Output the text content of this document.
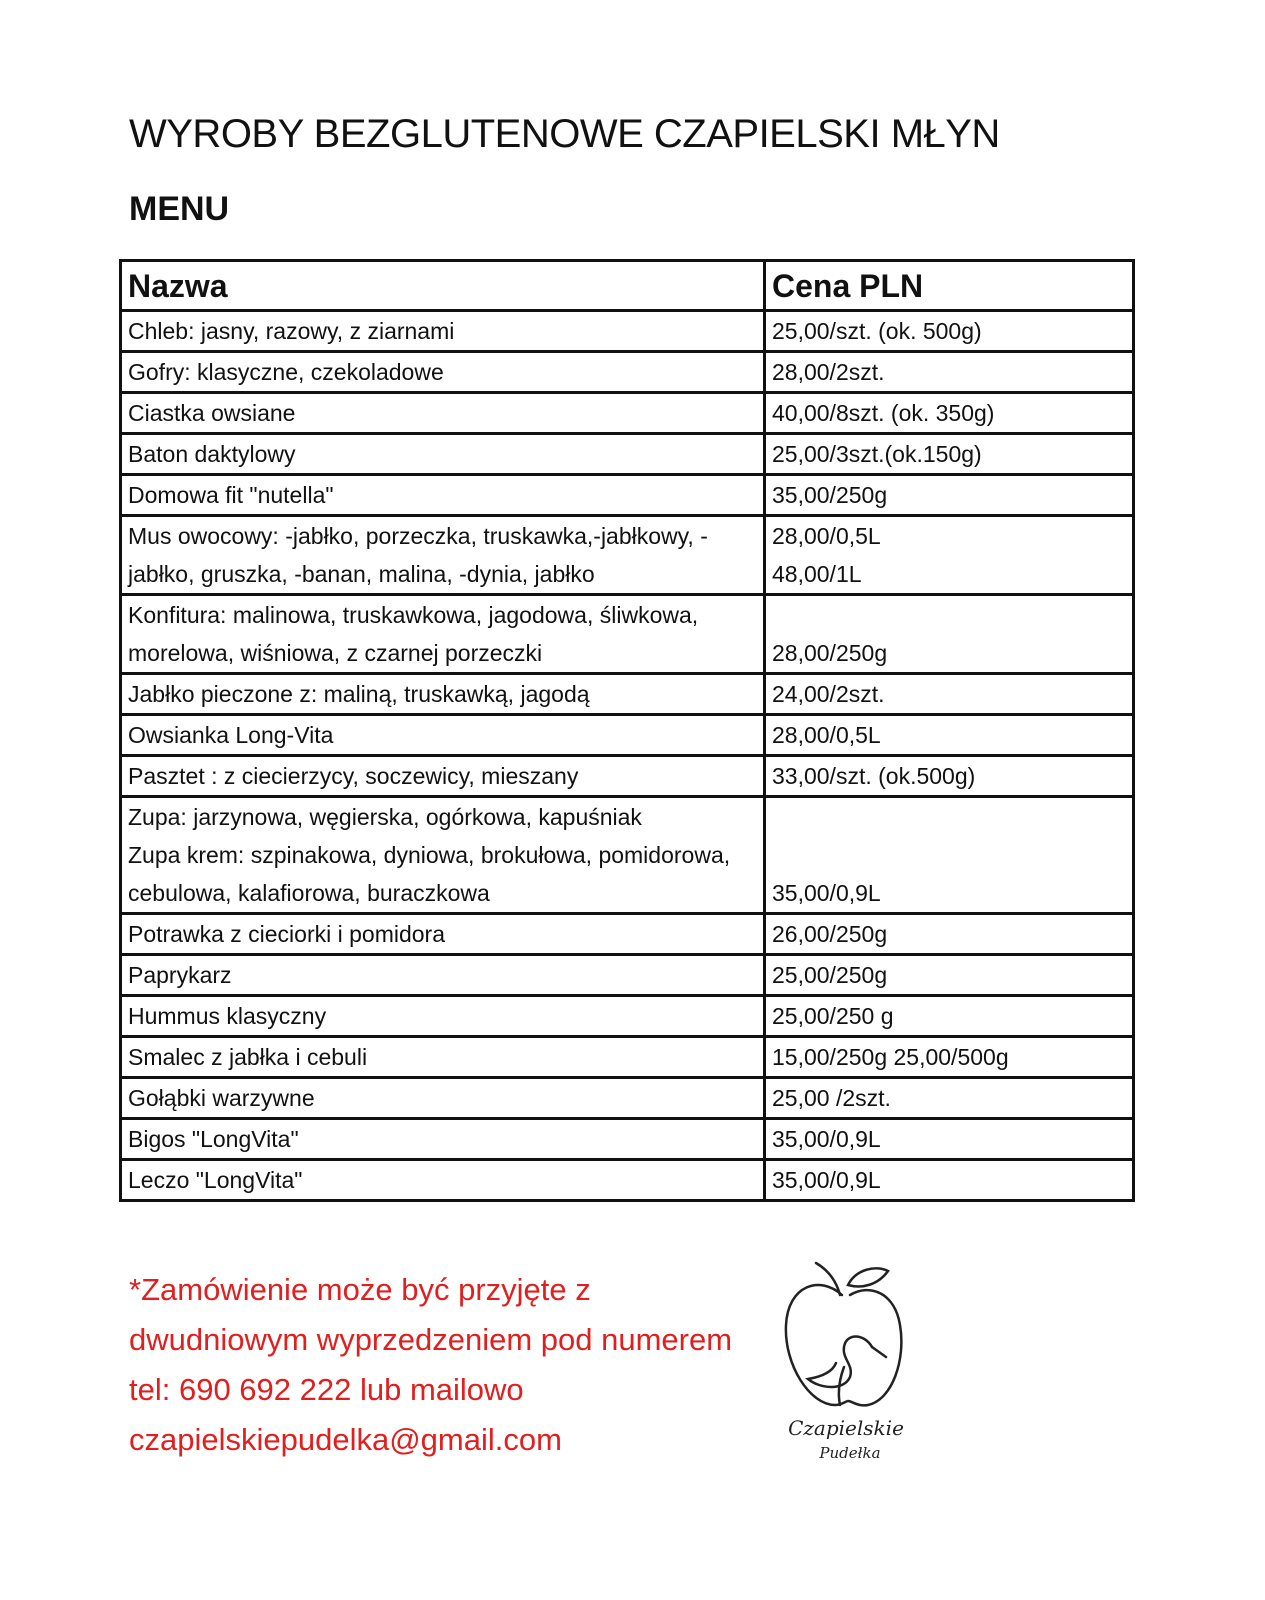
WYROBY BEZGLUTENOWE CZAPIELSKI MŁYN
MENU
Nazwa	Cena PLN

Chleb: jasny, razowy, z ziarnami	25,00/szt. (ok. 500g)

Gofry: klasyczne, czekoladowe	28,00/2szt.

Ciastka owsiane	40,00/8szt. (ok. 350g)

Baton daktylowy	25,00/3szt.(ok.150g)

Domowa fit "nutella"	35,00/250g

Mus owocowy: -jabłko, porzeczka, truskawka,-jabłkowy, -
jabłko, gruszka, -banan, malina, -dynia, jabłko	28,00/0,5L
48,00/1L

Konfitura: malinowa, truskawkowa, jagodowa, śliwkowa,
morelowa, wiśniowa, z czarnej porzeczki	28,00/250g

Jabłko pieczone z: maliną, truskawką, jagodą	24,00/2szt.

Owsianka Long-Vita	28,00/0,5L

Pasztet : z ciecierzycy, soczewicy, mieszany	33,00/szt. (ok.500g)

Zupa: jarzynowa, węgierska, ogórkowa, kapuśniak
Zupa krem: szpinakowa, dyniowa, brokułowa, pomidorowa,
cebulowa, kalafiorowa, buraczkowa	35,00/0,9L

Potrawka z cieciorki i pomidora	26,00/250g

Paprykarz	25,00/250g

Hummus klasyczny	25,00/250 g

Smalec z jabłka i cebuli	15,00/250g 25,00/500g

Gołąbki warzywne	25,00 /2szt.

Bigos "LongVita"	35,00/0,9L

Leczo "LongVita"	35,00/0,9L
*Zamówienie może być przyjęte z
dwudniowym wyprzedzeniem pod numerem
tel: 690 692 222 lub mailowo
czapielskiepudelka@gmail.com	Czapielskie
Pudełka
